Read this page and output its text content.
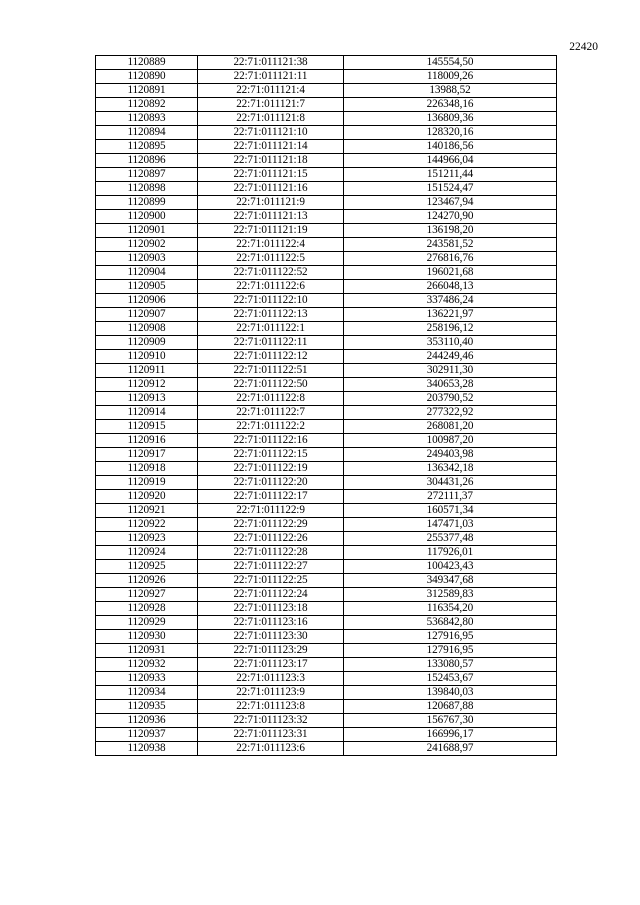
22420
1120889	22:71:011121:38	145554,50
1120890	22:71:011121:11	118009,26
1120891	22:71:011121:4	13988,52
1120892	22:71:011121:7	226348,16
1120893	22:71:011121:8	136809,36
1120894	22:71:011121:10	128320,16
1120895	22:71:011121:14	140186,56
1120896	22:71:011121:18	144966,04
1120897	22:71:011121:15	151211,44
1120898	22:71:011121:16	151524,47
1120899	22:71:011121:9	123467,94
1120900	22:71:011121:13	124270,90
1120901	22:71:011121:19	136198,20
1120902	22:71:011122:4	243581,52
1120903	22:71:011122:5	276816,76
1120904	22:71:011122:52	196021,68
1120905	22:71:011122:6	266048,13
1120906	22:71:011122:10	337486,24
1120907	22:71:011122:13	136221,97
1120908	22:71:011122:1	258196,12
1120909	22:71:011122:11	353110,40
1120910	22:71:011122:12	244249,46
1120911	22:71:011122:51	302911,30
1120912	22:71:011122:50	340653,28
1120913	22:71:011122:8	203790,52
1120914	22:71:011122:7	277322,92
1120915	22:71:011122:2	268081,20
1120916	22:71:011122:16	100987,20
1120917	22:71:011122:15	249403,98
1120918	22:71:011122:19	136342,18
1120919	22:71:011122:20	304431,26
1120920	22:71:011122:17	272111,37
1120921	22:71:011122:9	160571,34
1120922	22:71:011122:29	147471,03
1120923	22:71:011122:26	255377,48
1120924	22:71:011122:28	117926,01
1120925	22:71:011122:27	100423,43
1120926	22:71:011122:25	349347,68
1120927	22:71:011122:24	312589,83
1120928	22:71:011123:18	116354,20
1120929	22:71:011123:16	536842,80
1120930	22:71:011123:30	127916,95
1120931	22:71:011123:29	127916,95
1120932	22:71:011123:17	133080,57
1120933	22:71:011123:3	152453,67
1120934	22:71:011123:9	139840,03
1120935	22:71:011123:8	120687,88
1120936	22:71:011123:32	156767,30
1120937	22:71:011123:31	166996,17
1120938	22:71:011123:6	241688,97
